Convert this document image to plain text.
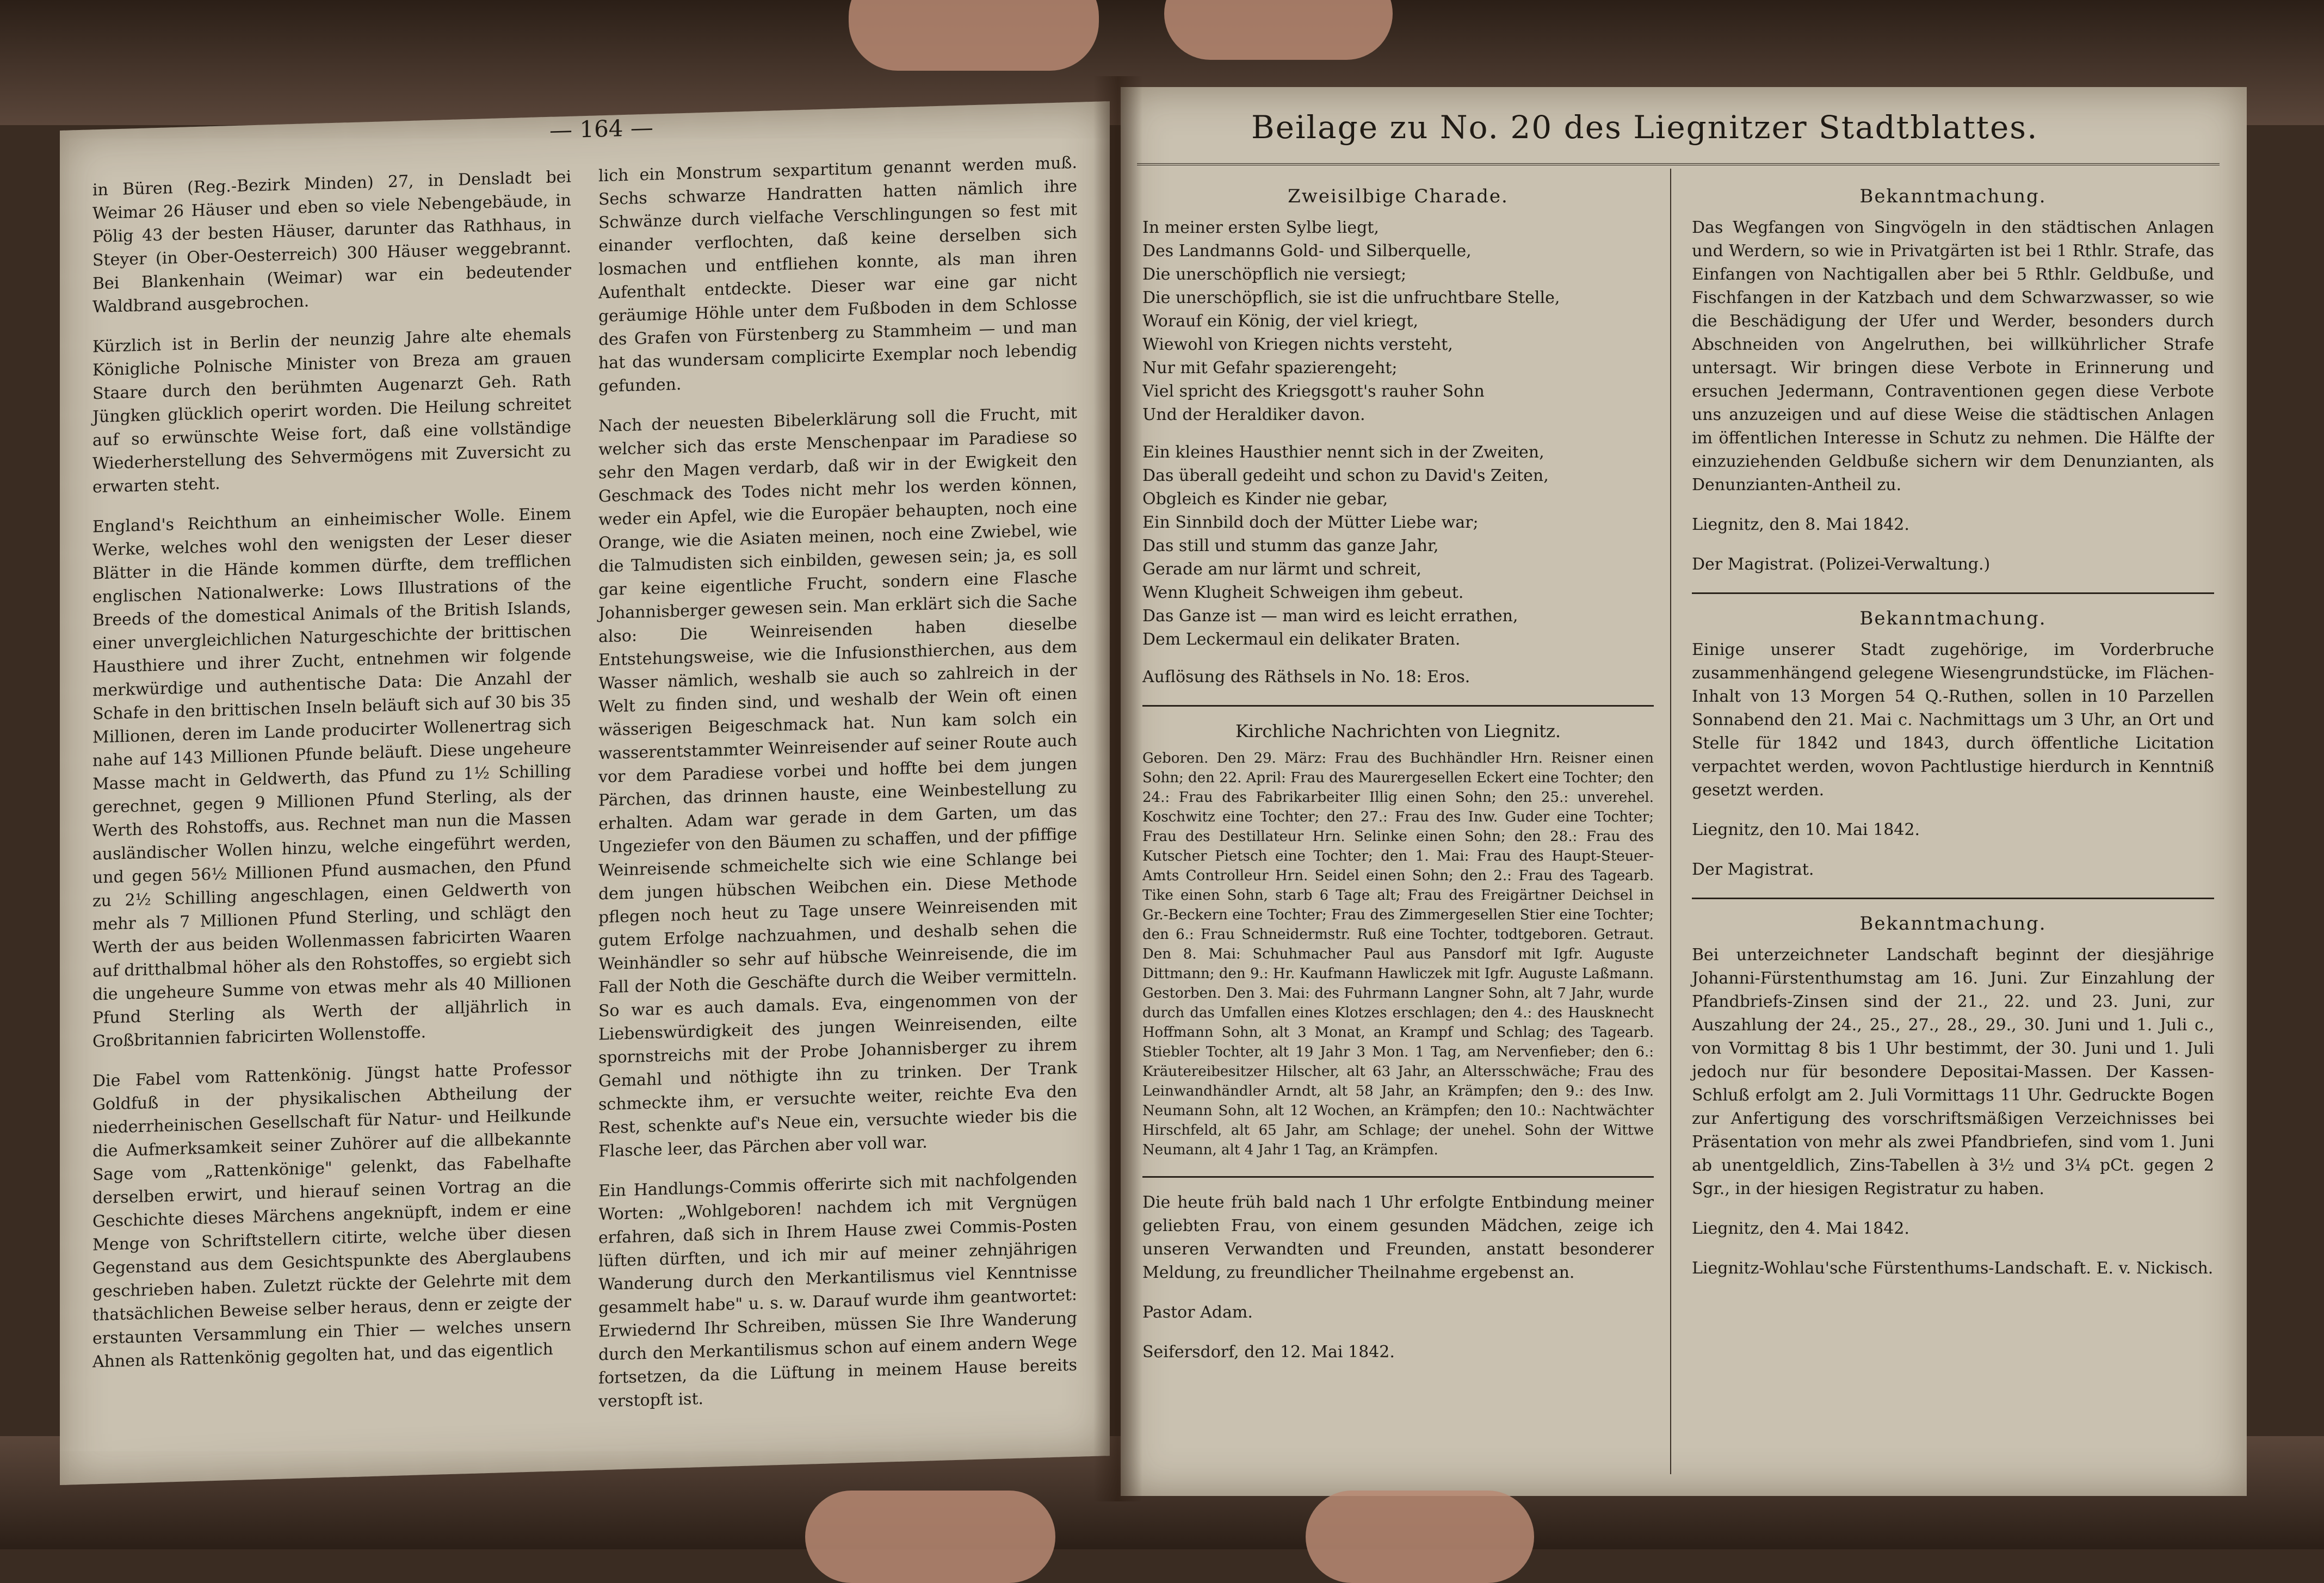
— 164 —

in Büren (Reg.-Bezirk Minden) 27, in Densladt bei Weimar 26 Häuser und eben so viele Nebengebäude, in Pölig 43 der besten Häuser, darunter das Rathhaus, in Steyer (in Ober-Oesterreich) 300 Häuser weggebrannt. Bei Blankenhain (Weimar) war ein bedeutender Waldbrand ausgebrochen.

Kürzlich ist in Berlin der neunzig Jahre alte ehemals Königliche Polnische Minister von Breza am grauen Staare durch den berühmten Augenarzt Geh. Rath Jüngken glücklich operirt worden. Die Heilung schreitet auf so erwünschte Weise fort, daß eine vollständige Wiederherstellung des Sehvermögens mit Zuversicht zu erwarten steht.

England's Reichthum an einheimischer Wolle. Einem Werke, welches wohl den wenigsten der Leser dieser Blätter in die Hände kommen dürfte, dem trefflichen englischen Nationalwerke: Lows Illustrations of the Breeds of the domestical Animals of the British Islands, einer unvergleichlichen Naturgeschichte der brittischen Hausthiere und ihrer Zucht, entnehmen wir folgende merkwürdige und authentische Data: Die Anzahl der Schafe in den brittischen Inseln beläuft sich auf 30 bis 35 Millionen, deren im Lande producirter Wollenertrag sich nahe auf 143 Millionen Pfunde beläuft. Diese ungeheure Masse macht in Geldwerth, das Pfund zu 1½ Schilling gerechnet, gegen 9 Millionen Pfund Sterling, als der Werth des Rohstoffs, aus. Rechnet man nun die Massen ausländischer Wollen hinzu, welche eingeführt werden, und gegen 56½ Millionen Pfund ausmachen, den Pfund zu 2½ Schilling angeschlagen, einen Geldwerth von mehr als 7 Millionen Pfund Sterling, und schlägt den Werth der aus beiden Wollenmassen fabricirten Waaren auf dritthalbmal höher als den Rohstoffes, so ergiebt sich die ungeheure Summe von etwas mehr als 40 Millionen Pfund Sterling als Werth der alljährlich in Großbritannien fabricirten Wollenstoffe.

Die Fabel vom Rattenkönig. Jüngst hatte Professor Goldfuß in der physikalischen Abtheilung der niederrheinischen Gesellschaft für Natur- und Heilkunde die Aufmerksamkeit seiner Zuhörer auf die allbekannte Sage vom „Rattenkönige" gelenkt, das Fabelhafte derselben erwirt, und hierauf seinen Vortrag an die Geschichte dieses Märchens angeknüpft, indem er eine Menge von Schriftstellern citirte, welche über diesen Gegenstand aus dem Gesichtspunkte des Aberglaubens geschrieben haben. Zuletzt rückte der Gelehrte mit dem thatsächlichen Beweise selber heraus, denn er zeigte der erstaunten Versammlung ein Thier — welches unsern Ahnen als Rattenkönig gegolten hat, und das eigentlich

lich ein Monstrum sexpartitum genannt werden muß. Sechs schwarze Handratten hatten nämlich ihre Schwänze durch vielfache Verschlingungen so fest mit einander verflochten, daß keine derselben sich losmachen und entfliehen konnte, als man ihren Aufenthalt entdeckte. Dieser war eine gar nicht geräumige Höhle unter dem Fußboden in dem Schlosse des Grafen von Fürstenberg zu Stammheim — und man hat das wundersam complicirte Exemplar noch lebendig gefunden.

Nach der neuesten Bibelerklärung soll die Frucht, mit welcher sich das erste Menschenpaar im Paradiese so sehr den Magen verdarb, daß wir in der Ewigkeit den Geschmack des Todes nicht mehr los werden können, weder ein Apfel, wie die Europäer behaupten, noch eine Orange, wie die Asiaten meinen, noch eine Zwiebel, wie die Talmudisten sich einbilden, gewesen sein; ja, es soll gar keine eigentliche Frucht, sondern eine Flasche Johannisberger gewesen sein. Man erklärt sich die Sache also: Die Weinreisenden haben dieselbe Entstehungsweise, wie die Infusionsthierchen, aus dem Wasser nämlich, weshalb sie auch so zahlreich in der Welt zu finden sind, und weshalb der Wein oft einen wässerigen Beigeschmack hat. Nun kam solch ein wasserentstammter Weinreisender auf seiner Route auch vor dem Paradiese vorbei und hoffte bei dem jungen Pärchen, das drinnen hauste, eine Weinbestellung zu erhalten. Adam war gerade in dem Garten, um das Ungeziefer von den Bäumen zu schaffen, und der pfiffige Weinreisende schmeichelte sich wie eine Schlange bei dem jungen hübschen Weibchen ein. Diese Methode pflegen noch heut zu Tage unsere Weinreisenden mit gutem Erfolge nachzuahmen, und deshalb sehen die Weinhändler so sehr auf hübsche Weinreisende, die im Fall der Noth die Geschäfte durch die Weiber vermitteln. So war es auch damals. Eva, eingenommen von der Liebenswürdigkeit des jungen Weinreisenden, eilte spornstreichs mit der Probe Johannisberger zu ihrem Gemahl und nöthigte ihn zu trinken. Der Trank schmeckte ihm, er versuchte weiter, reichte Eva den Rest, schenkte auf's Neue ein, versuchte wieder bis die Flasche leer, das Pärchen aber voll war.

Ein Handlungs-Commis offerirte sich mit nachfolgenden Worten: „Wohlgeboren! nachdem ich mit Vergnügen erfahren, daß sich in Ihrem Hause zwei Commis-Posten lüften dürften, und ich mir auf meiner zehnjährigen Wanderung durch den Merkantilismus viel Kenntnisse gesammelt habe" u. s. w. Darauf wurde ihm geantwortet: Erwiedernd Ihr Schreiben, müssen Sie Ihre Wanderung durch den Merkantilismus schon auf einem andern Wege fortsetzen, da die Lüftung in meinem Hause bereits verstopft ist.

Beilage zu No. 20 des Liegnitzer Stadtblattes.
Zweisilbige Charade.
In meiner ersten Sylbe liegt,
Des Landmanns Gold- und Silberquelle,
Die unerschöpflich nie versiegt;
Die unerschöpflich, sie ist die unfruchtbare Stelle,
Worauf ein König, der viel kriegt,
Wiewohl von Kriegen nichts versteht,
Nur mit Gefahr spazierengeht;
Viel spricht des Kriegsgott's rauher Sohn
Und der Heraldiker davon.
Ein kleines Hausthier nennt sich in der Zweiten,
Das überall gedeiht und schon zu David's Zeiten,
Obgleich es Kinder nie gebar,
Ein Sinnbild doch der Mütter Liebe war;
Das still und stumm das ganze Jahr,
Gerade am nur lärmt und schreit,
Wenn Klugheit Schweigen ihm gebeut.
Das Ganze ist — man wird es leicht errathen,
Dem Leckermaul ein delikater Braten.

Auflösung des Räthsels in No. 18: Eros.

Kirchliche Nachrichten von Liegnitz.

Geboren. Den 29. März: Frau des Buchhändler Hrn. Reisner einen Sohn; den 22. April: Frau des Maurergesellen Eckert eine Tochter; den 24.: Frau des Fabrikarbeiter Illig einen Sohn; den 25.: unverehel. Koschwitz eine Tochter; den 27.: Frau des Inw. Guder eine Tochter; Frau des Destillateur Hrn. Selinke einen Sohn; den 28.: Frau des Kutscher Pietsch eine Tochter; den 1. Mai: Frau des Haupt-Steuer-Amts Controlleur Hrn. Seidel einen Sohn; den 2.: Frau des Tagearb. Tike einen Sohn, starb 6 Tage alt; Frau des Freigärtner Deichsel in Gr.-Beckern eine Tochter; Frau des Zimmergesellen Stier eine Tochter; den 6.: Frau Schneidermstr. Ruß eine Tochter, todtgeboren. Getraut. Den 8. Mai: Schuhmacher Paul aus Pansdorf mit Igfr. Auguste Dittmann; den 9.: Hr. Kaufmann Hawliczek mit Igfr. Auguste Laßmann. Gestorben. Den 3. Mai: des Fuhrmann Langner Sohn, alt 7 Jahr, wurde durch das Umfallen eines Klotzes erschlagen; den 4.: des Hausknecht Hoffmann Sohn, alt 3 Monat, an Krampf und Schlag; des Tagearb. Stiebler Tochter, alt 19 Jahr 3 Mon. 1 Tag, am Nervenfieber; den 6.: Kräutereibesitzer Hilscher, alt 63 Jahr, an Altersschwäche; Frau des Leinwandhändler Arndt, alt 58 Jahr, an Krämpfen; den 9.: des Inw. Neumann Sohn, alt 12 Wochen, an Krämpfen; den 10.: Nachtwächter Hirschfeld, alt 65 Jahr, am Schlage; der unehel. Sohn der Wittwe Neumann, alt 4 Jahr 1 Tag, an Krämpfen.

Die heute früh bald nach 1 Uhr erfolgte Entbindung meiner geliebten Frau, von einem gesunden Mädchen, zeige ich unseren Verwandten und Freunden, anstatt besonderer Meldung, zu freundlicher Theilnahme ergebenst an.

Pastor Adam.

Seifersdorf, den 12. Mai 1842.

Bekanntmachung.

Das Wegfangen von Singvögeln in den städtischen Anlagen und Werdern, so wie in Privatgärten ist bei 1 Rthlr. Strafe, das Einfangen von Nachtigallen aber bei 5 Rthlr. Geldbuße, und Fischfangen in der Katzbach und dem Schwarzwasser, so wie die Beschädigung der Ufer und Werder, besonders durch Abschneiden von Angelruthen, bei willkührlicher Strafe untersagt. Wir bringen diese Verbote in Erinnerung und ersuchen Jedermann, Contraventionen gegen diese Verbote uns anzuzeigen und auf diese Weise die städtischen Anlagen im öffentlichen Interesse in Schutz zu nehmen. Die Hälfte der einzuziehenden Geldbuße sichern wir dem Denunzianten, als Denunzianten-Antheil zu.

Liegnitz, den 8. Mai 1842.

Der Magistrat. (Polizei-Verwaltung.)

Bekanntmachung.

Einige unserer Stadt zugehörige, im Vorderbruche zusammenhängend gelegene Wiesengrundstücke, im Flächen-Inhalt von 13 Morgen 54 Q.-Ruthen, sollen in 10 Parzellen Sonnabend den 21. Mai c. Nachmittags um 3 Uhr, an Ort und Stelle für 1842 und 1843, durch öffentliche Licitation verpachtet werden, wovon Pachtlustige hierdurch in Kenntniß gesetzt werden.

Liegnitz, den 10. Mai 1842.

Der Magistrat.

Bekanntmachung.

Bei unterzeichneter Landschaft beginnt der diesjährige Johanni-Fürstenthumstag am 16. Juni. Zur Einzahlung der Pfandbriefs-Zinsen sind der 21., 22. und 23. Juni, zur Auszahlung der 24., 25., 27., 28., 29., 30. Juni und 1. Juli c., von Vormittag 8 bis 1 Uhr bestimmt, der 30. Juni und 1. Juli jedoch nur für besondere Depositai-Massen. Der Kassen-Schluß erfolgt am 2. Juli Vormittags 11 Uhr. Gedruckte Bogen zur Anfertigung des vorschriftsmäßigen Verzeichnisses bei Präsentation von mehr als zwei Pfandbriefen, sind vom 1. Juni ab unentgeldlich, Zins-Tabellen à 3½ und 3¼ pCt. gegen 2 Sgr., in der hiesigen Registratur zu haben.

Liegnitz, den 4. Mai 1842.

Liegnitz-Wohlau'sche Fürstenthums-Landschaft. E. v. Nickisch.
